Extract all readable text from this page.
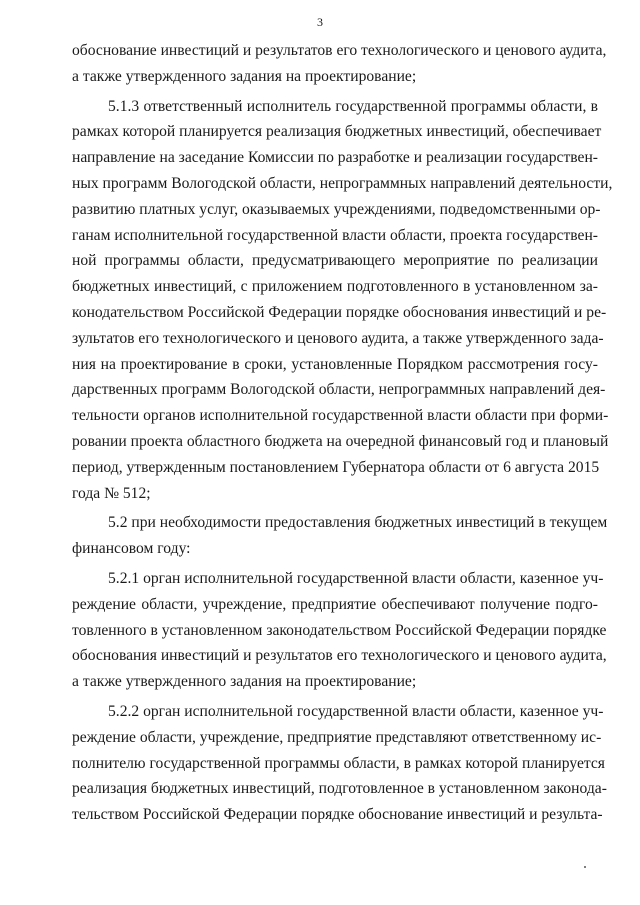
3
обоснование инвестиций и результатов его технологического и ценового аудита,
а также утвержденного задания на проектирование;
5.1.3 ответственный исполнитель государственной программы области, в
рамках которой планируется реализация бюджетных инвестиций, обеспечивает
направление на заседание Комиссии по разработке и реализации государствен-
ных программ Вологодской области, непрограммных направлений деятельности,
развитию платных услуг, оказываемых учреждениями, подведомственными ор-
ганам исполнительной государственной власти области, проекта государствен-
ной программы области, предусматривающего мероприятие по реализации
бюджетных инвестиций, с приложением подготовленного в установленном за-
конодательством Российской Федерации порядке обоснования инвестиций и ре-
зультатов его технологического и ценового аудита, а также утвержденного зада-
ния на проектирование в сроки, установленные Порядком рассмотрения госу-
дарственных программ Вологодской области, непрограммных направлений дея-
тельности органов исполнительной государственной власти области при форми-
ровании проекта областного бюджета на очередной финансовый год и плановый
период, утвержденным постановлением Губернатора области от 6 августа 2015
года № 512;
5.2 при необходимости предоставления бюджетных инвестиций в текущем
финансовом году:
5.2.1 орган исполнительной государственной власти области, казенное уч-
реждение области, учреждение, предприятие обеспечивают получение подго-
товленного в установленном законодательством Российской Федерации порядке
обоснования инвестиций и результатов его технологического и ценового аудита,
а также утвержденного задания на проектирование;
5.2.2 орган исполнительной государственной власти области, казенное уч-
реждение области, учреждение, предприятие представляют ответственному ис-
полнителю государственной программы области, в рамках которой планируется
реализация бюджетных инвестиций, подготовленное в установленном законода-
тельством Российской Федерации порядке обоснование инвестиций и результа-
